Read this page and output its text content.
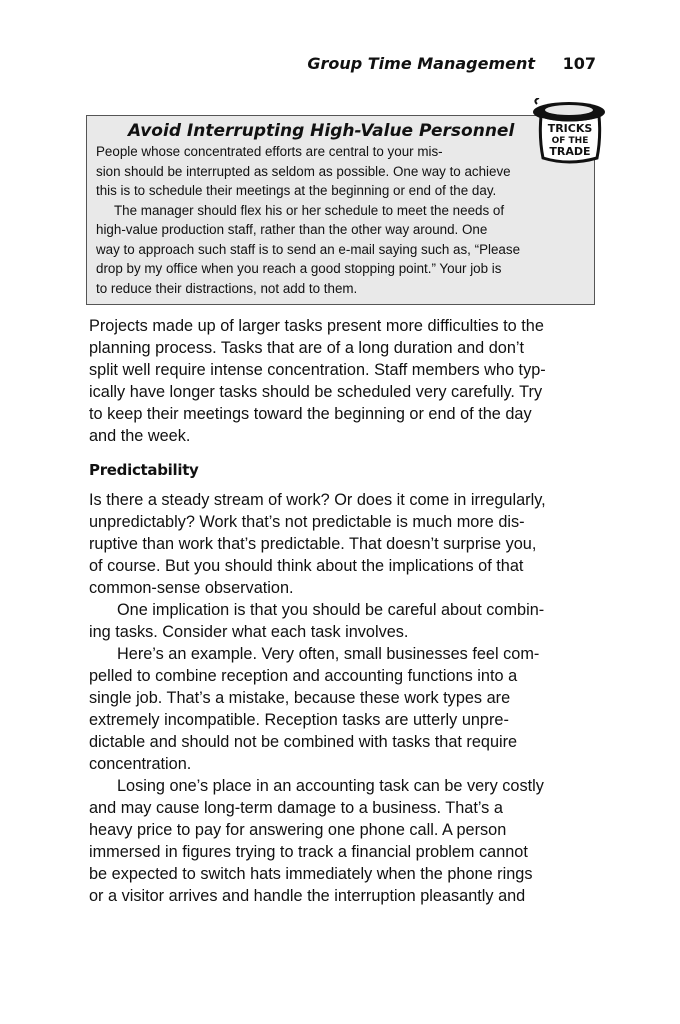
Group Time Management 107
Avoid Interrupting High-Value Personnel

People whose concentrated efforts are central to your mis-
sion should be interrupted as seldom as possible. One way to achieve
this is to schedule their meetings at the beginning or end of the day.

The manager should flex his or her schedule to meet the needs of
high-value production staff, rather than the other way around. One
way to approach such staff is to send an e-mail saying such as, “Please
drop by my office when you reach a good stopping point.” Your job is
to reduce their distractions, not add to them.

TRICKS
OF THE
TRADE

Projects made up of larger tasks present more difficulties to the
planning process. Tasks that are of a long duration and don’t
split well require intense concentration. Staff members who typ-
ically have longer tasks should be scheduled very carefully. Try
to keep their meetings toward the beginning or end of the day
and the week.

Predictability

Is there a steady stream of work? Or does it come in irregularly,
unpredictably? Work that’s not predictable is much more dis-
ruptive than work that’s predictable. That doesn’t surprise you,
of course. But you should think about the implications of that
common-sense observation.

One implication is that you should be careful about combin-
ing tasks. Consider what each task involves.

Here’s an example. Very often, small businesses feel com-
pelled to combine reception and accounting functions into a
single job. That’s a mistake, because these work types are
extremely incompatible. Reception tasks are utterly unpre-
dictable and should not be combined with tasks that require
concentration.

Losing one’s place in an accounting task can be very costly
and may cause long-term damage to a business. That’s a
heavy price to pay for answering one phone call. A person
immersed in figures trying to track a financial problem cannot
be expected to switch hats immediately when the phone rings
or a visitor arrives and handle the interruption pleasantly and
